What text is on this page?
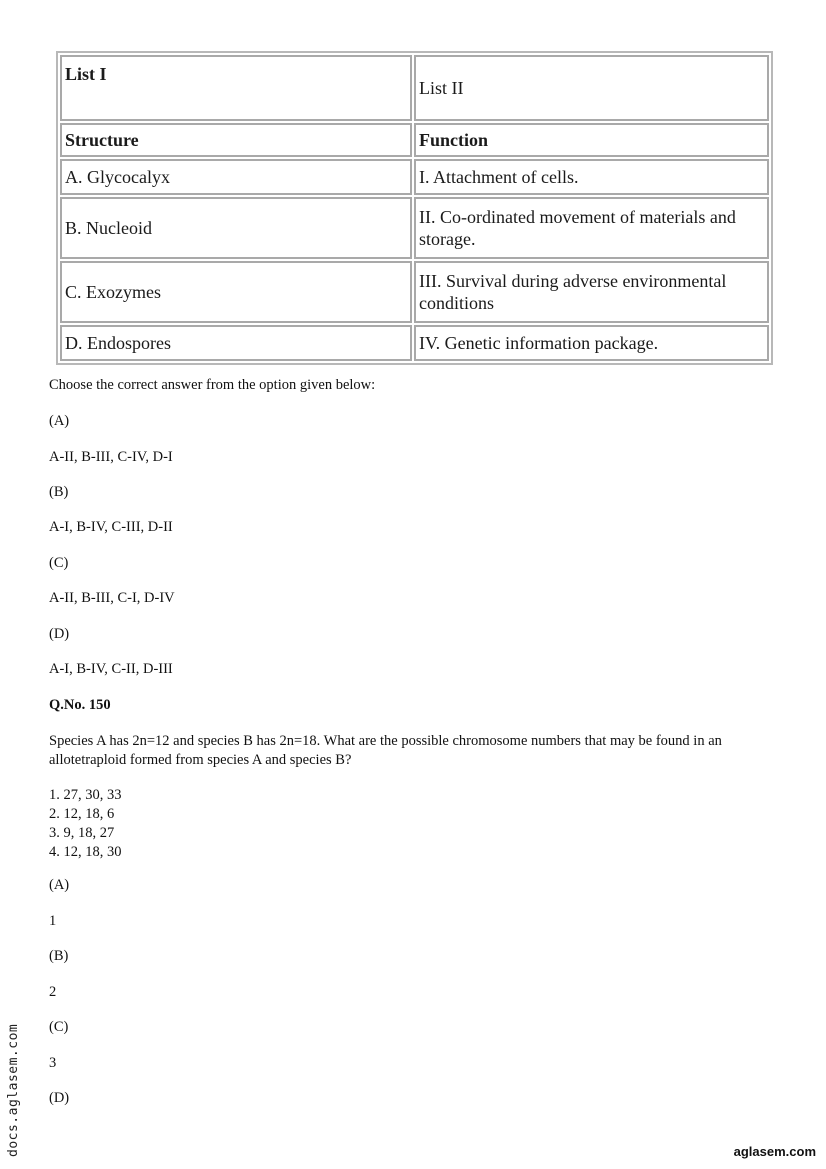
List I	List II
Structure	Function
A. Glycocalyx	I. Attachment of cells.
B. Nucleoid	II. Co-ordinated movement of materials and storage.
C. Exozymes	III. Survival during adverse environmental conditions
D. Endospores	IV. Genetic information package.

Choose the correct answer from the option given below:

(A)

A-II, B-III, C-IV, D-I

(B)

A-I, B-IV, C-III, D-II

(C)

A-II, B-III, C-I, D-IV

(D)

A-I, B-IV, C-II, D-III

Q.No. 150

Species A has 2n=12 and species B has 2n=18. What are the possible chromosome numbers that may be found in an allotetraploid formed from species A and species B?

1. 27, 30, 33
2. 12, 18, 6
3. 9, 18, 27
4. 12, 18, 30

(A)

1

(B)

2

(C)

3

(D)

docs.aglasem.com	aglasem.com
